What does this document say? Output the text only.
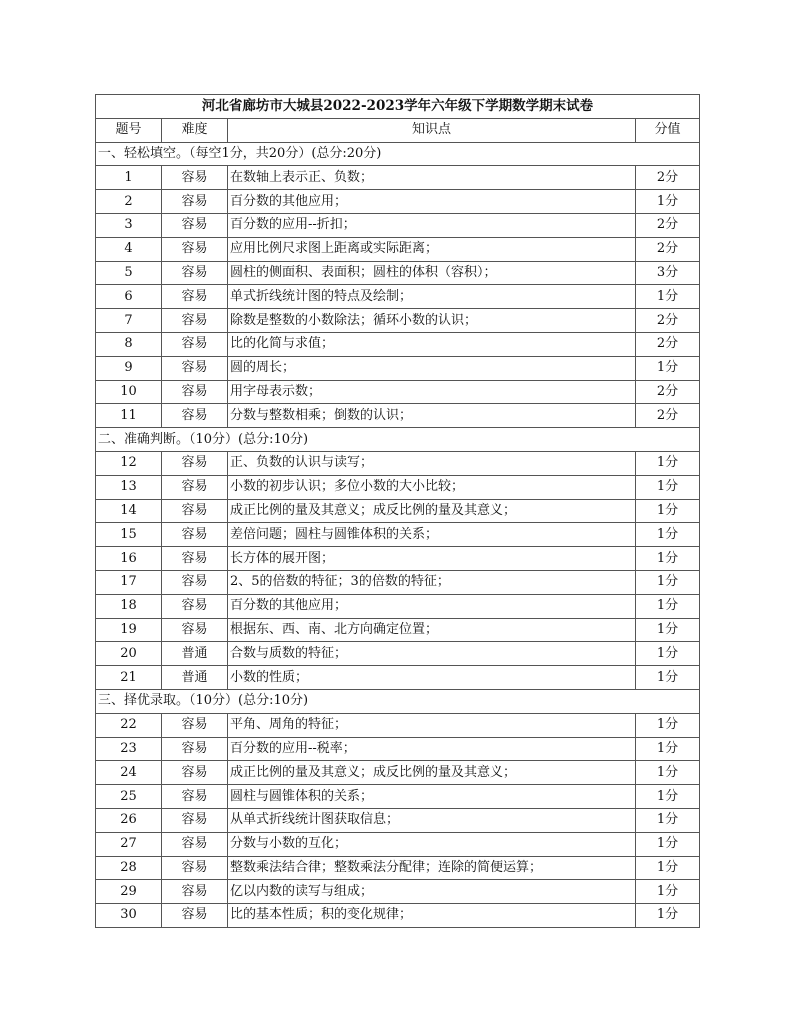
河北省廊坊市大城县2022-2023学年六年级下学期数学期末试卷			
题号	难度	知识点	分值
一、轻松填空。（每空1分，共20分）(总分:20分)			
1	容易	在数轴上表示正、负数；	2分
2	容易	百分数的其他应用；	1分
3	容易	百分数的应用--折扣；	2分
4	容易	应用比例尺求图上距离或实际距离；	2分
5	容易	圆柱的侧面积、表面积；圆柱的体积（容积）；	3分
6	容易	单式折线统计图的特点及绘制；	1分
7	容易	除数是整数的小数除法；循环小数的认识；	2分
8	容易	比的化简与求值；	2分
9	容易	圆的周长；	1分
10	容易	用字母表示数；	2分
11	容易	分数与整数相乘；倒数的认识；	2分
二、准确判断。（10分）(总分:10分)			
12	容易	正、负数的认识与读写；	1分
13	容易	小数的初步认识；多位小数的大小比较；	1分
14	容易	成正比例的量及其意义；成反比例的量及其意义；	1分
15	容易	差倍问题；圆柱与圆锥体积的关系；	1分
16	容易	长方体的展开图；	1分
17	容易	2、5的倍数的特征；3的倍数的特征；	1分
18	容易	百分数的其他应用；	1分
19	容易	根据东、西、南、北方向确定位置；	1分
20	普通	合数与质数的特征；	1分
21	普通	小数的性质；	1分
三、择优录取。（10分）(总分:10分)			
22	容易	平角、周角的特征；	1分
23	容易	百分数的应用--税率；	1分
24	容易	成正比例的量及其意义；成反比例的量及其意义；	1分
25	容易	圆柱与圆锥体积的关系；	1分
26	容易	从单式折线统计图获取信息；	1分
27	容易	分数与小数的互化；	1分
28	容易	整数乘法结合律；整数乘法分配律；连除的简便运算；	1分
29	容易	亿以内数的读写与组成；	1分
30	容易	比的基本性质；积的变化规律；	1分
